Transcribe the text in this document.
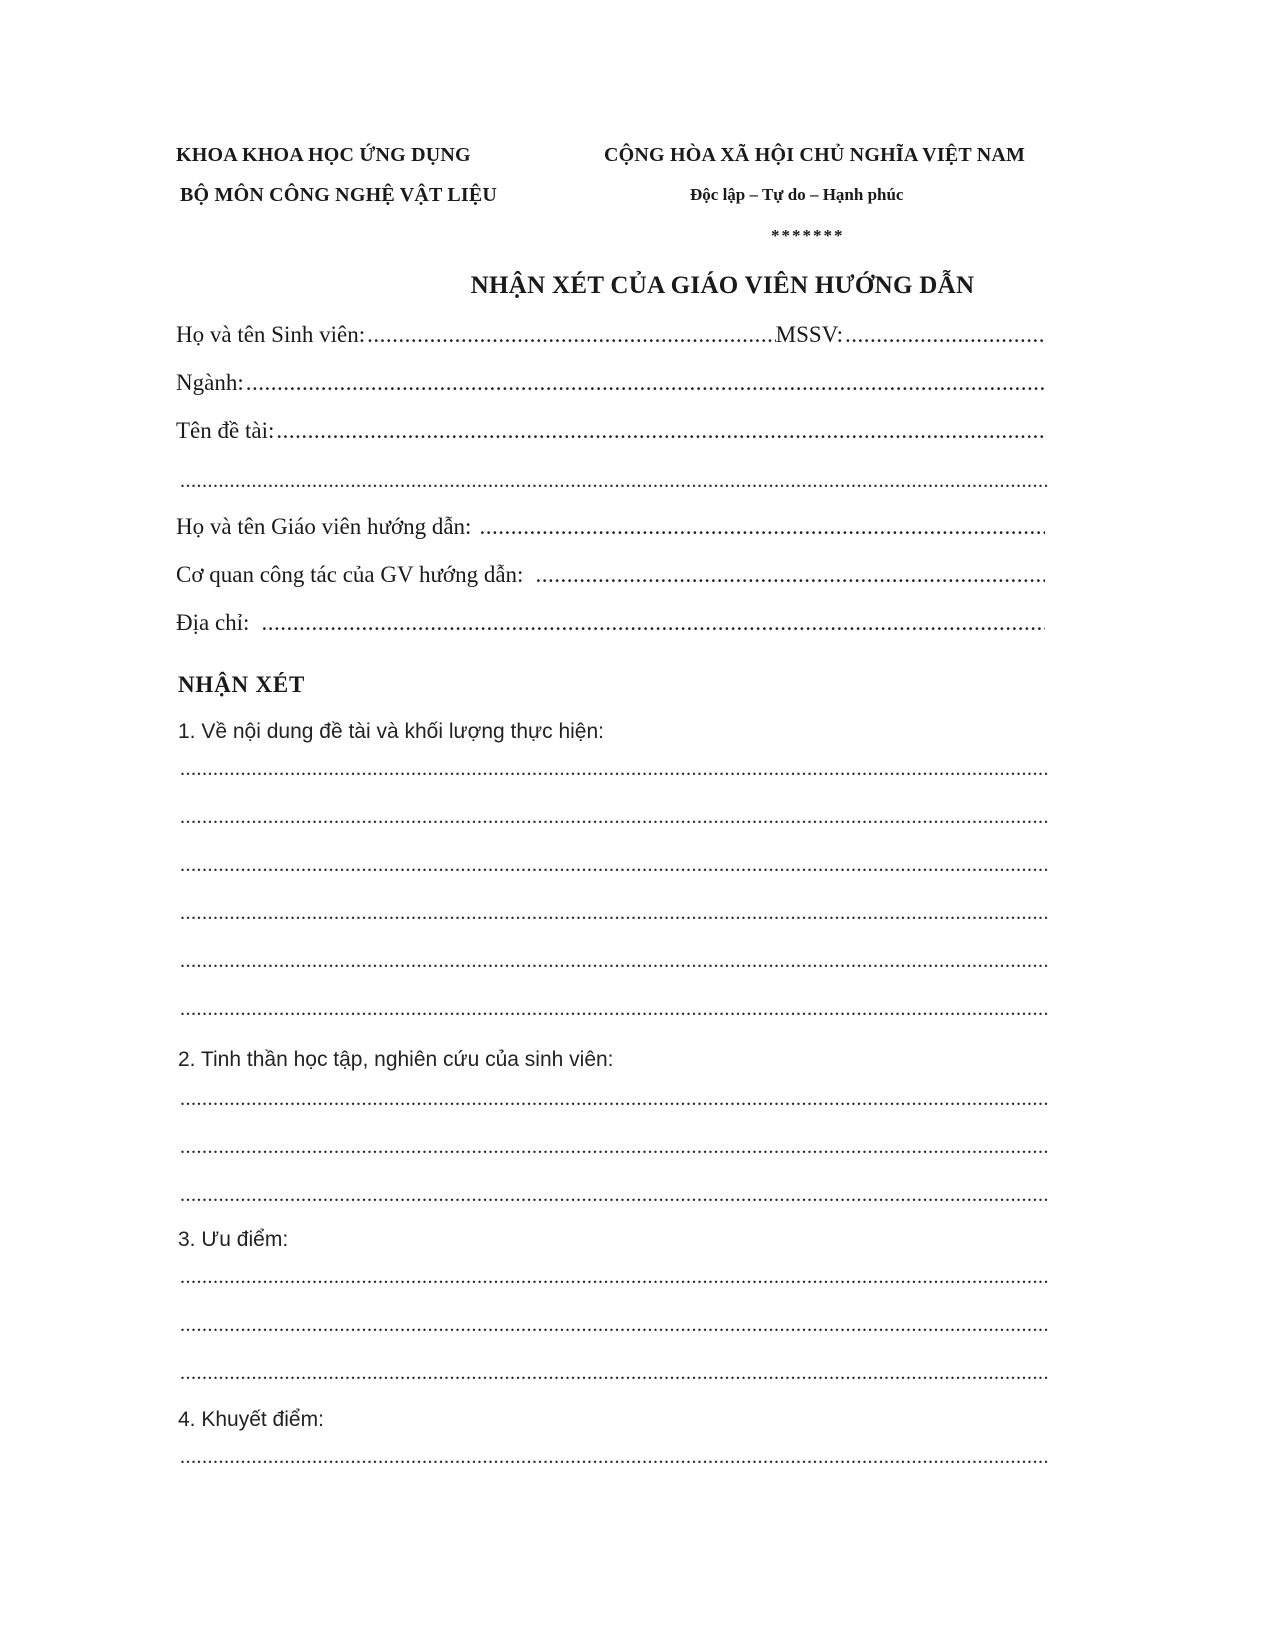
KHOA KHOA HỌC ỨNG DỤNG
BỘ MÔN CÔNG NGHỆ VẬT LIỆU
CỘNG HÒA XÃ HỘI CHỦ NGHĨA VIỆT NAM
Độc lập – Tự do – Hạnh phúc
*******
NHẬN XÉT CỦA GIÁO VIÊN HƯỚNG DẪN
Họ và tên Sinh viên:
.....	MSSV:
.....
Ngành:
.....
Tên đề tài:
.....
.....
Họ và tên Giáo viên hướng dẫn:
.....
Cơ quan công tác của GV hướng dẫn:
.....
Địa chỉ:
.....
NHẬN XÉT
1. Về nội dung đề tài và khối lượng thực hiện:
.....
.....
.....
.....
.....
.....
2. Tinh thần học tập, nghiên cứu của sinh viên:
.....
.....
.....
3. Ưu điểm:
.....
.....
.....
4. Khuyết điểm:
.....
